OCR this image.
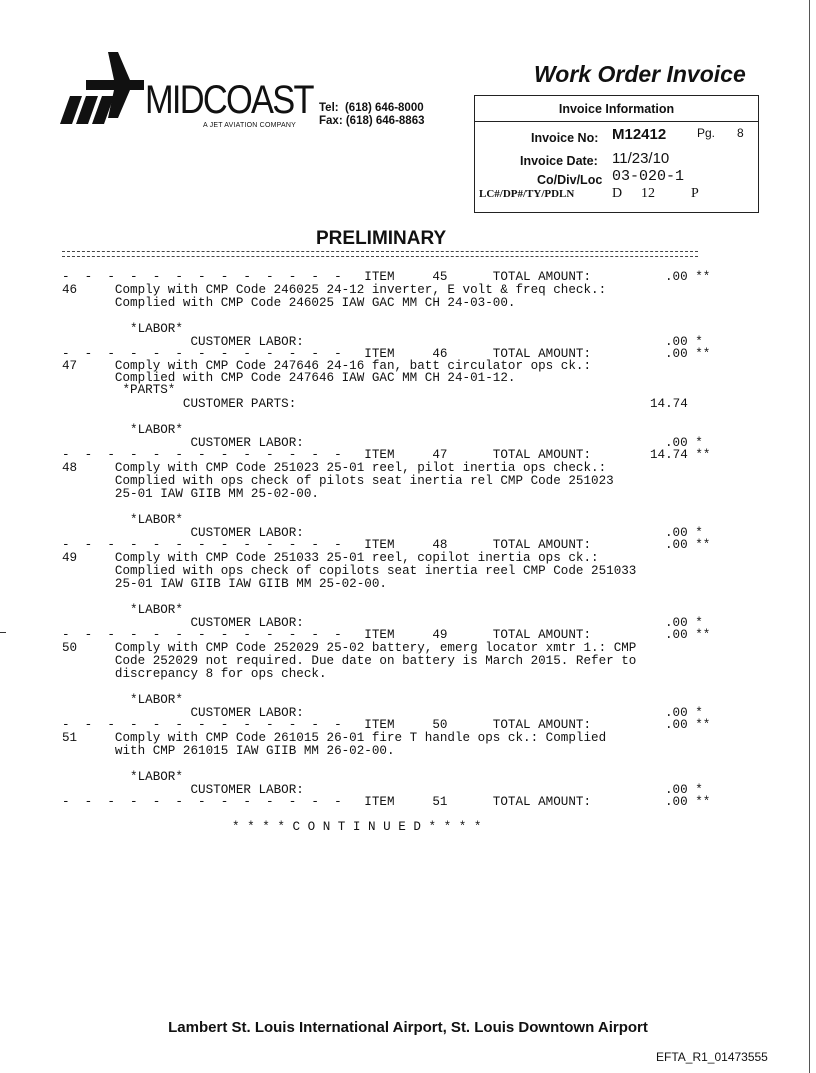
MIDCOAST
A JET AVIATION COMPANY
Tel:  (618) 646-8000
Fax: (618) 646-8863
Work Order Invoice
Invoice Information
Invoice No: M12412	Pg. 8
Invoice Date: 11/23/10
Co/Div/Loc 03-020-1
LC#/DP#/TY/PDLN	D 12	P
PRELIMINARY
-  -  -  -  -  -  -  -  -  -  -  -  -   ITEM     45      TOTAL AMOUNT:	.00 **
46     Comply with CMP Code 246025 24-12 inverter, E volt & freq check.:
Complied with CMP Code 246025 IAW GAC MM CH 24-03-00.
*LABOR*
CUSTOMER LABOR:	.00 *
-  -  -  -  -  -  -  -  -  -  -  -  -   ITEM     46      TOTAL AMOUNT:	.00 **
47     Comply with CMP Code 247646 24-16 fan, batt circulator ops ck.:
Complied with CMP Code 247646 IAW GAC MM CH 24-01-12.
*PARTS*
CUSTOMER PARTS:	14.74
*LABOR*
CUSTOMER LABOR:	.00 *
-  -  -  -  -  -  -  -  -  -  -  -  -   ITEM     47      TOTAL AMOUNT:	14.74 **
48     Comply with CMP Code 251023 25-01 reel, pilot inertia ops check.:
Complied with ops check of pilots seat inertia rel CMP Code 251023
25-01 IAW GIIB MM 25-02-00.
*LABOR*
CUSTOMER LABOR:	.00 *
-  -  -  -  -  -  -  -  -  -  -  -  -   ITEM     48      TOTAL AMOUNT:	.00 **
49     Comply with CMP Code 251033 25-01 reel, copilot inertia ops ck.:
Complied with ops check of copilots seat inertia reel CMP Code 251033
25-01 IAW GIIB IAW GIIB MM 25-02-00.
*LABOR*
CUSTOMER LABOR:	.00 *
-  -  -  -  -  -  -  -  -  -  -  -  -   ITEM     49      TOTAL AMOUNT:	.00 **
50     Comply with CMP Code 252029 25-02 battery, emerg locator xmtr 1.: CMP
Code 252029 not required. Due date on battery is March 2015. Refer to
discrepancy 8 for ops check.
*LABOR*
CUSTOMER LABOR:	.00 *
-  -  -  -  -  -  -  -  -  -  -  -  -   ITEM     50      TOTAL AMOUNT:	.00 **
51     Comply with CMP Code 261015 26-01 fire T handle ops ck.: Complied
with CMP 261015 IAW GIIB MM 26-02-00.
*LABOR*
CUSTOMER LABOR:	.00 *
-  -  -  -  -  -  -  -  -  -  -  -  -   ITEM     51      TOTAL AMOUNT:	.00 **
* * * * C O N T I N U E D * * * *
Lambert St. Louis International Airport, St. Louis Downtown Airport
EFTA_R1_01473555
